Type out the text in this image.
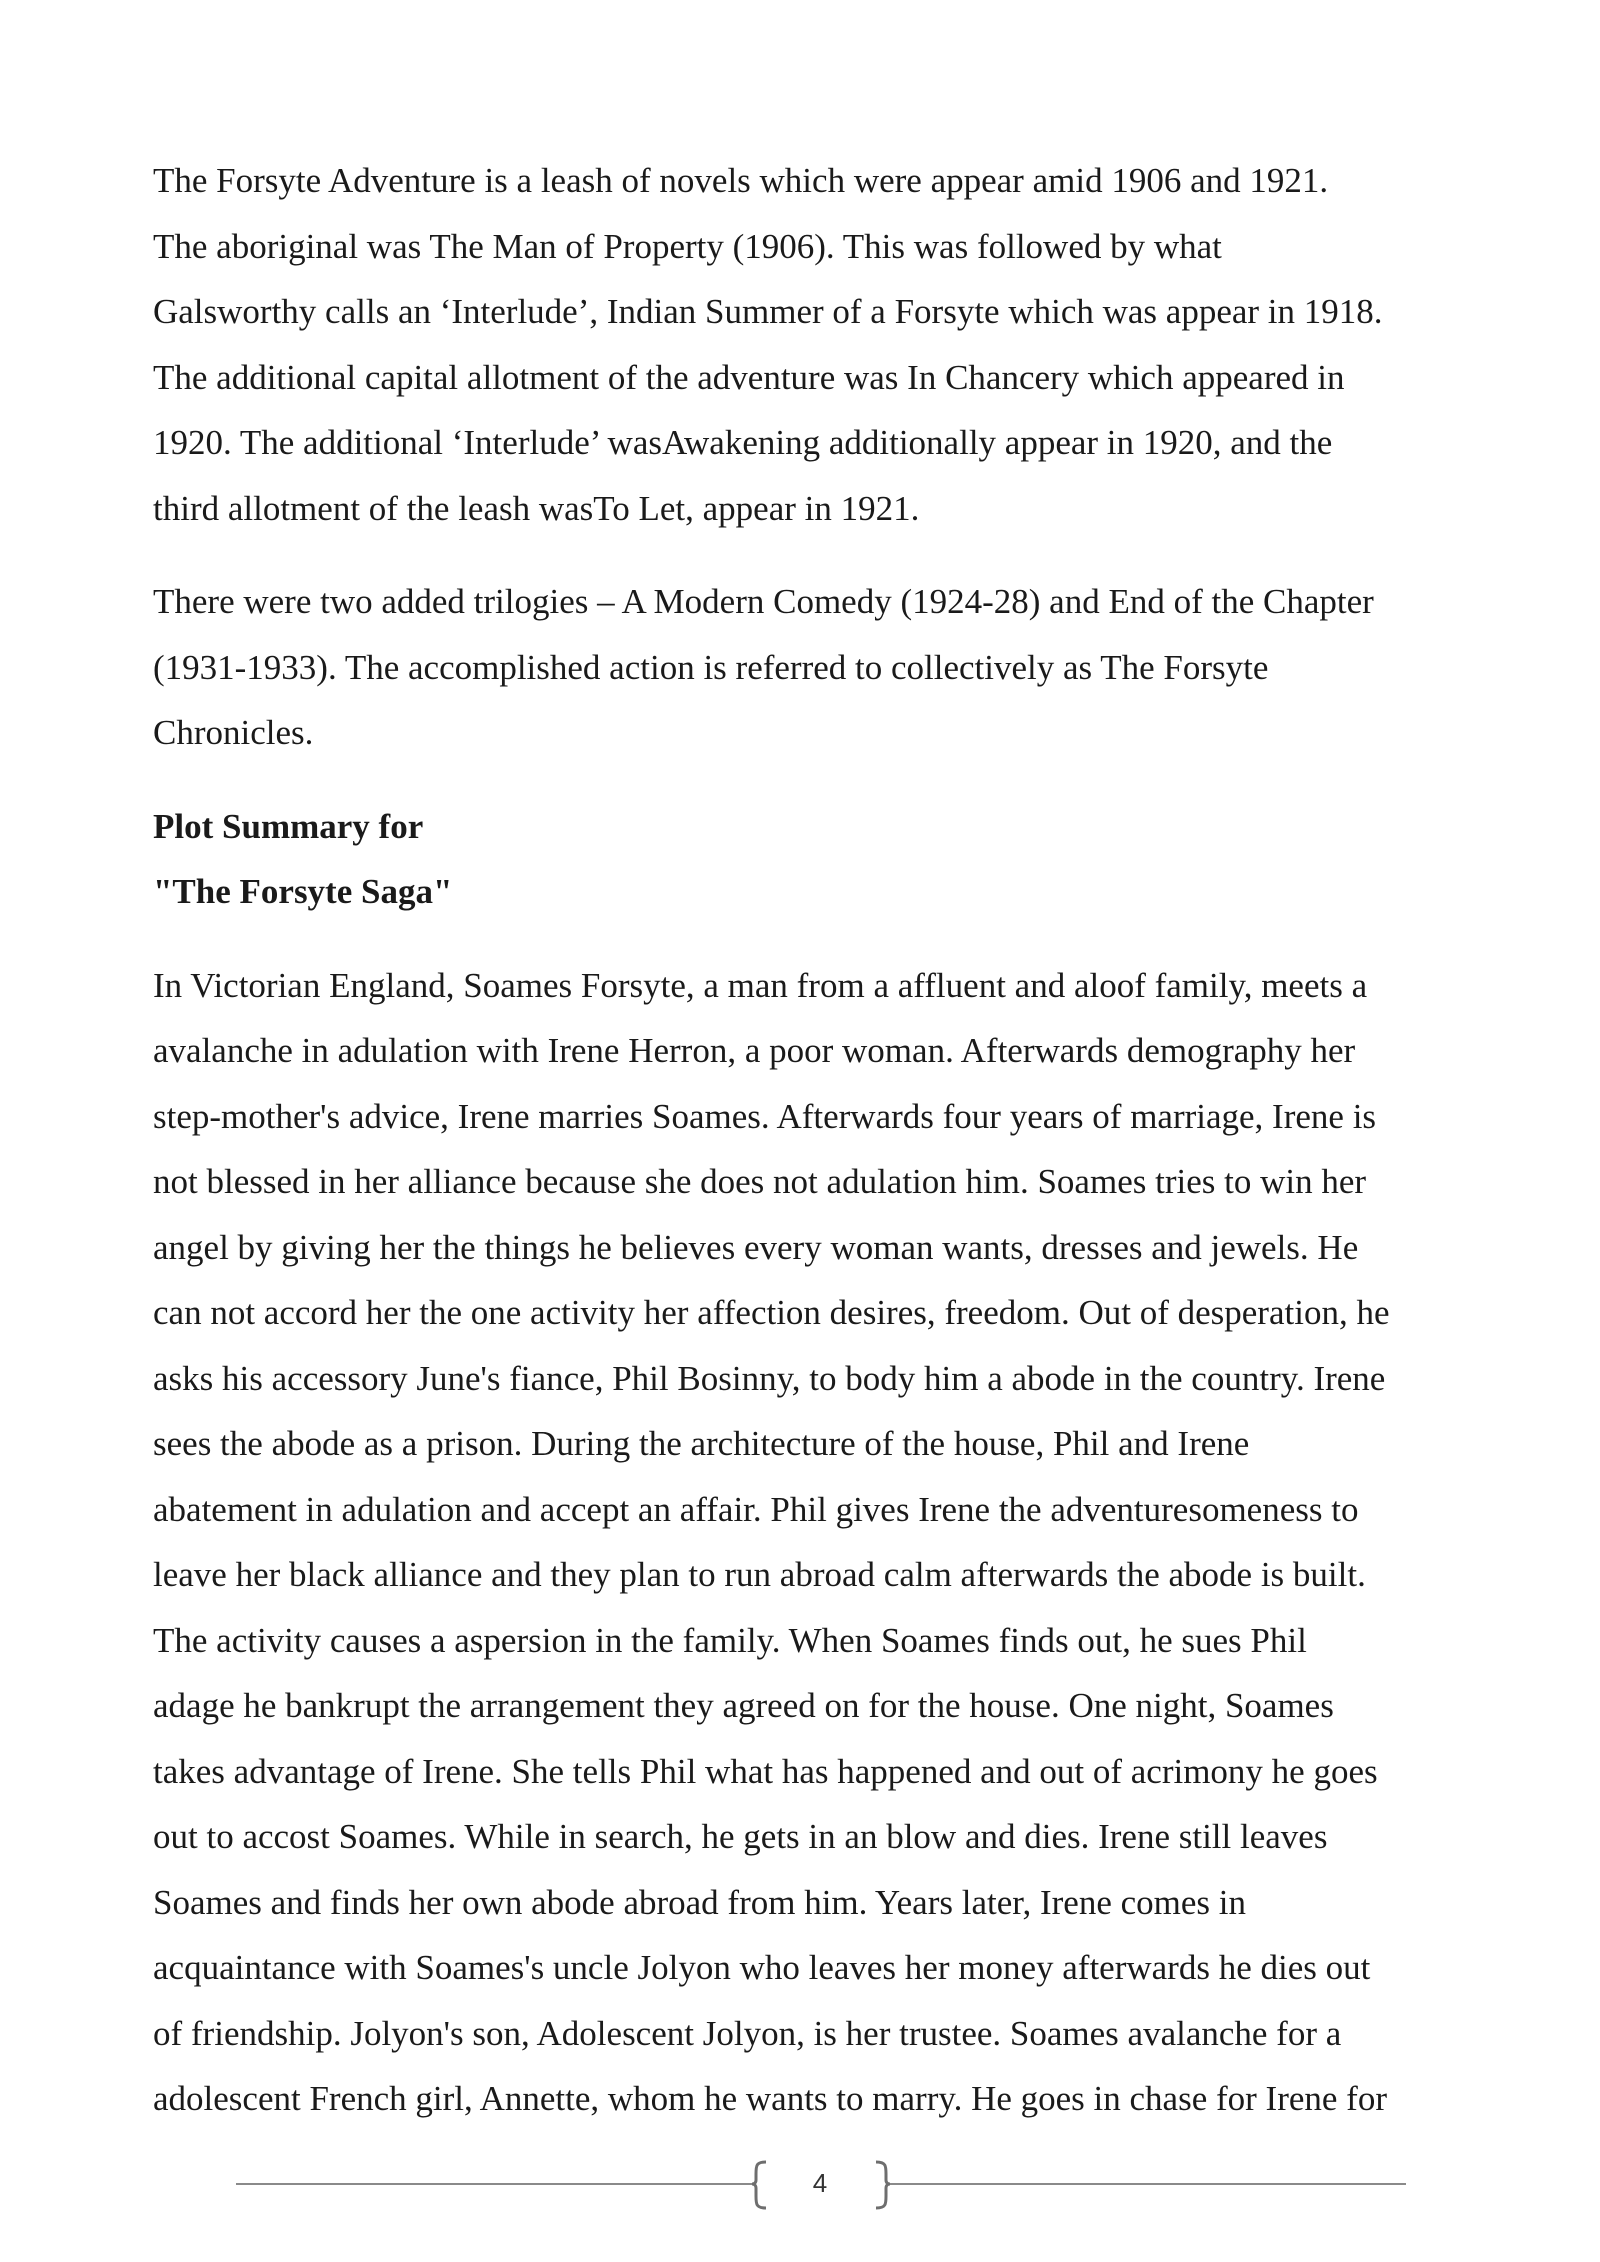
The Forsyte Adventure is a leash of novels which were appear amid 1906 and 1921.
The aboriginal was The Man of Property (1906). This was followed by what
Galsworthy calls an ‘Interlude’, Indian Summer of a Forsyte which was appear in 1918.
The additional capital allotment of the adventure was In Chancery which appeared in
1920. The additional ‘Interlude’ wasAwakening additionally appear in 1920, and the
third allotment of the leash wasTo Let, appear in 1921.
There were two added trilogies – A Modern Comedy (1924-28) and End of the Chapter
(1931-1933). The accomplished action is referred to collectively as The Forsyte
Chronicles.
Plot Summary for
"The Forsyte Saga"
In Victorian England, Soames Forsyte, a man from a affluent and aloof family, meets a
avalanche in adulation with Irene Herron, a poor woman. Afterwards demography her
step-mother's advice, Irene marries Soames. Afterwards four years of marriage, Irene is
not blessed in her alliance because she does not adulation him. Soames tries to win her
angel by giving her the things he believes every woman wants, dresses and jewels. He
can not accord her the one activity her affection desires, freedom. Out of desperation, he
asks his accessory June's fiance, Phil Bosinny, to body him a abode in the country. Irene
sees the abode as a prison. During the architecture of the house, Phil and Irene
abatement in adulation and accept an affair. Phil gives Irene the adventuresomeness to
leave her black alliance and they plan to run abroad calm afterwards the abode is built.
The activity causes a aspersion in the family. When Soames finds out, he sues Phil
adage he bankrupt the arrangement they agreed on for the house. One night, Soames
takes advantage of Irene. She tells Phil what has happened and out of acrimony he goes
out to accost Soames. While in search, he gets in an blow and dies. Irene still leaves
Soames and finds her own abode abroad from him. Years later, Irene comes in
acquaintance with Soames's uncle Jolyon who leaves her money afterwards he dies out
of friendship. Jolyon's son, Adolescent Jolyon, is her trustee. Soames avalanche for a
adolescent French girl, Annette, whom he wants to marry. He goes in chase for Irene for
4
